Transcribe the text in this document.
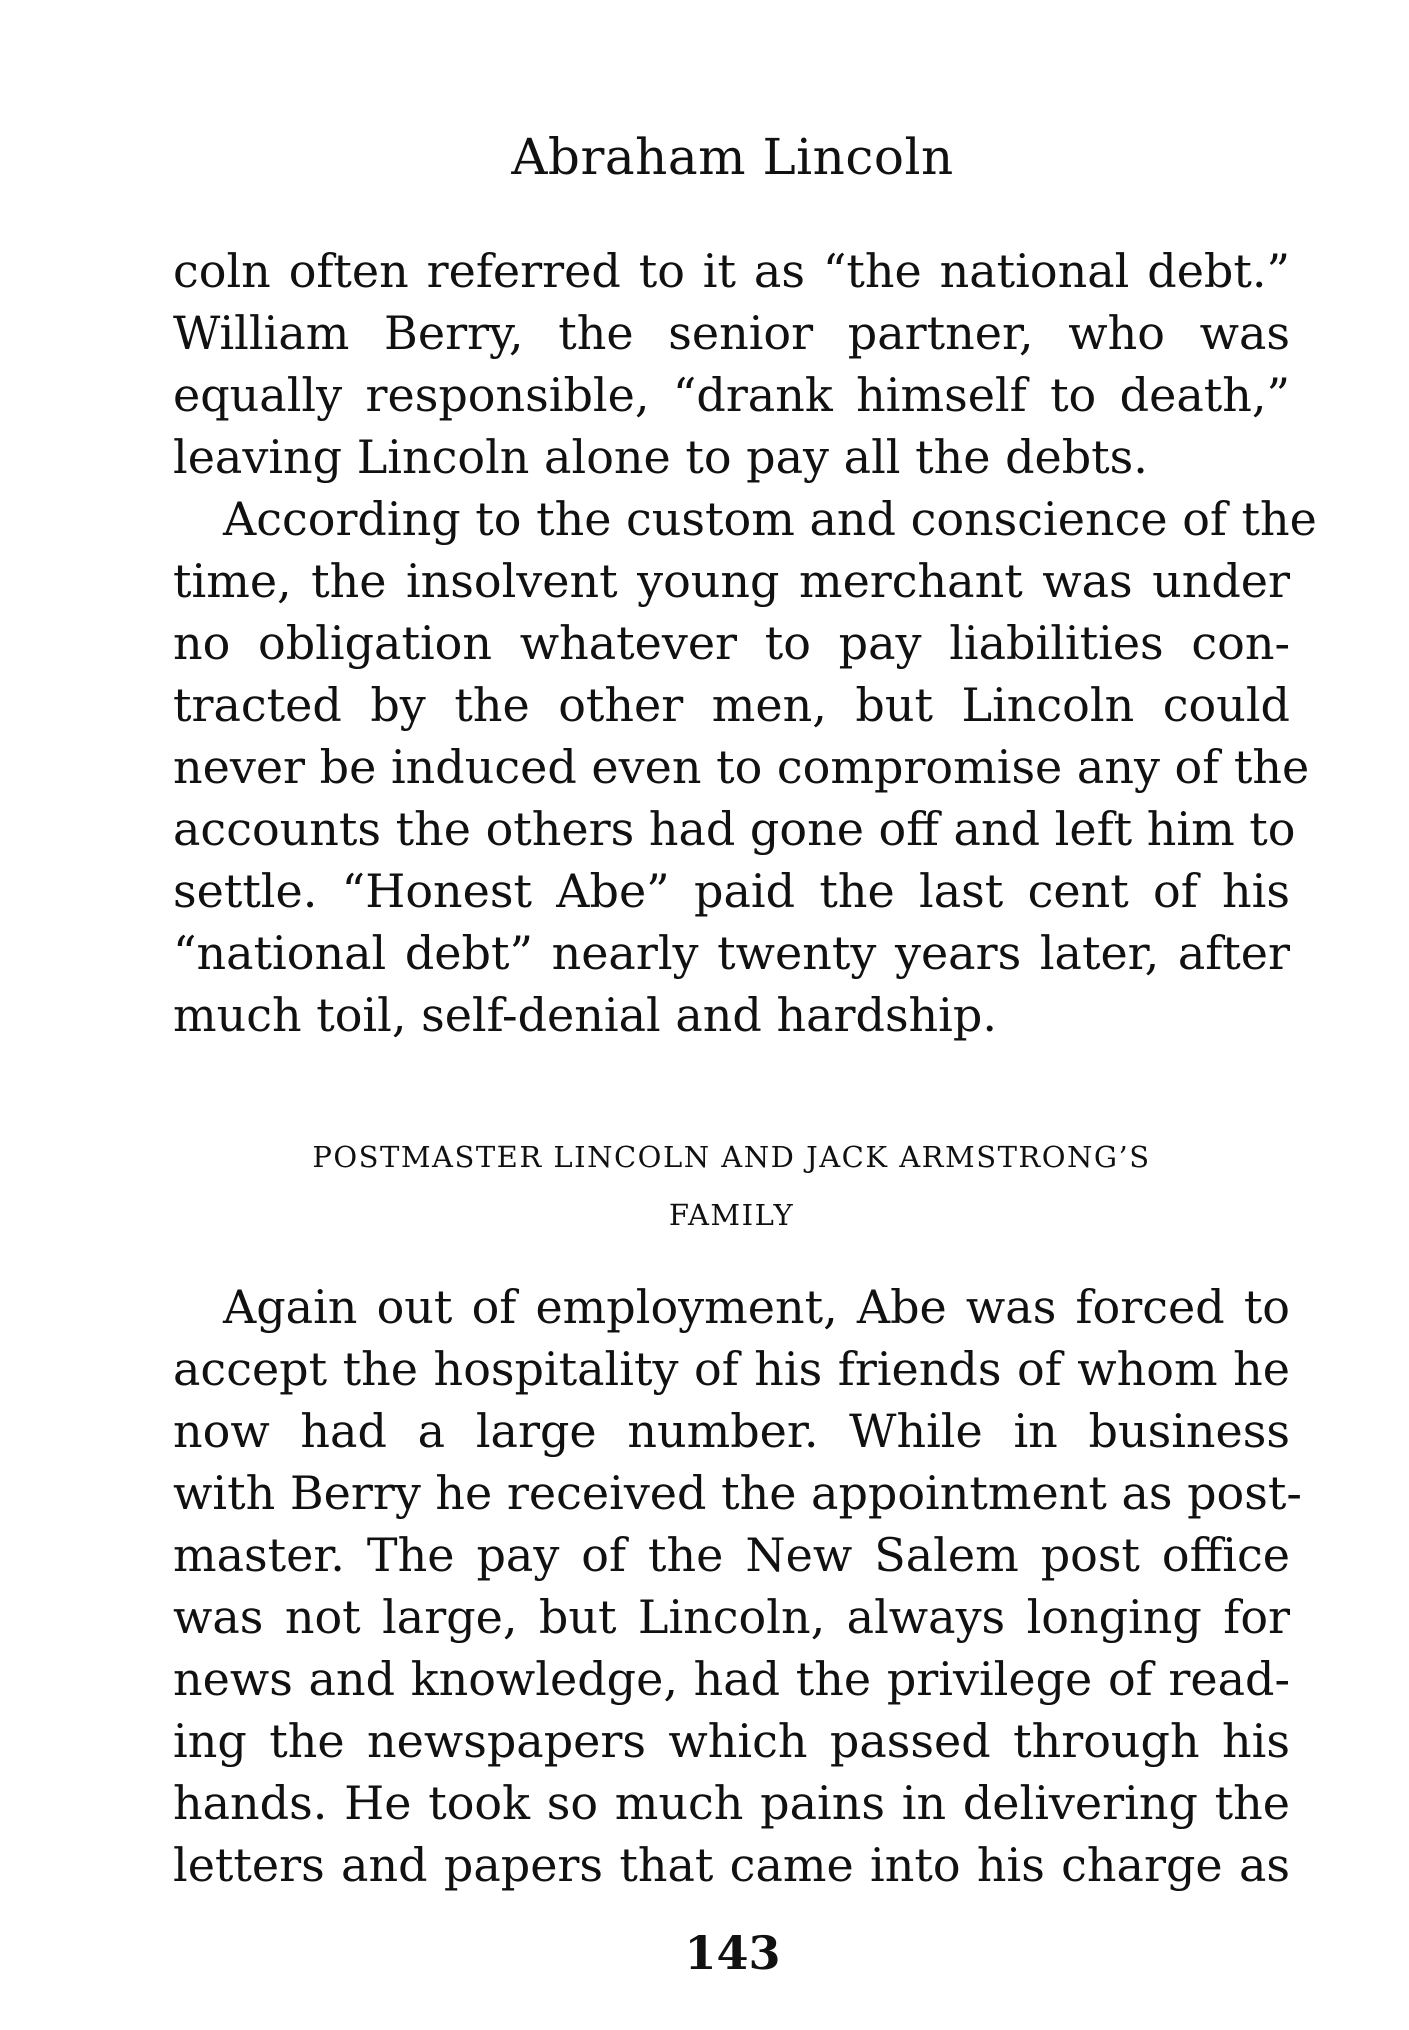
Abraham Lincoln
coln often referred to it as “the national debt.”
William Berry, the senior partner, who was
equally responsible, “drank himself to death,”
leaving Lincoln alone to pay all the debts.
According to the custom and conscience of the
time, the insolvent young merchant was under
no obligation whatever to pay liabilities con-
tracted by the other men, but Lincoln could
never be induced even to compromise any of the
accounts the others had gone off and left him to
settle. “Honest Abe” paid the last cent of his
“national debt” nearly twenty years later, after
much toil, self-denial and hardship.
POSTMASTER LINCOLN AND JACK ARMSTRONG’S
FAMILY
Again out of employment, Abe was forced to
accept the hospitality of his friends of whom he
now had a large number. While in business
with Berry he received the appointment as post-
master. The pay of the New Salem post office
was not large, but Lincoln, always longing for
news and knowledge, had the privilege of read-
ing the newspapers which passed through his
hands. He took so much pains in delivering the
letters and papers that came into his charge as
143
